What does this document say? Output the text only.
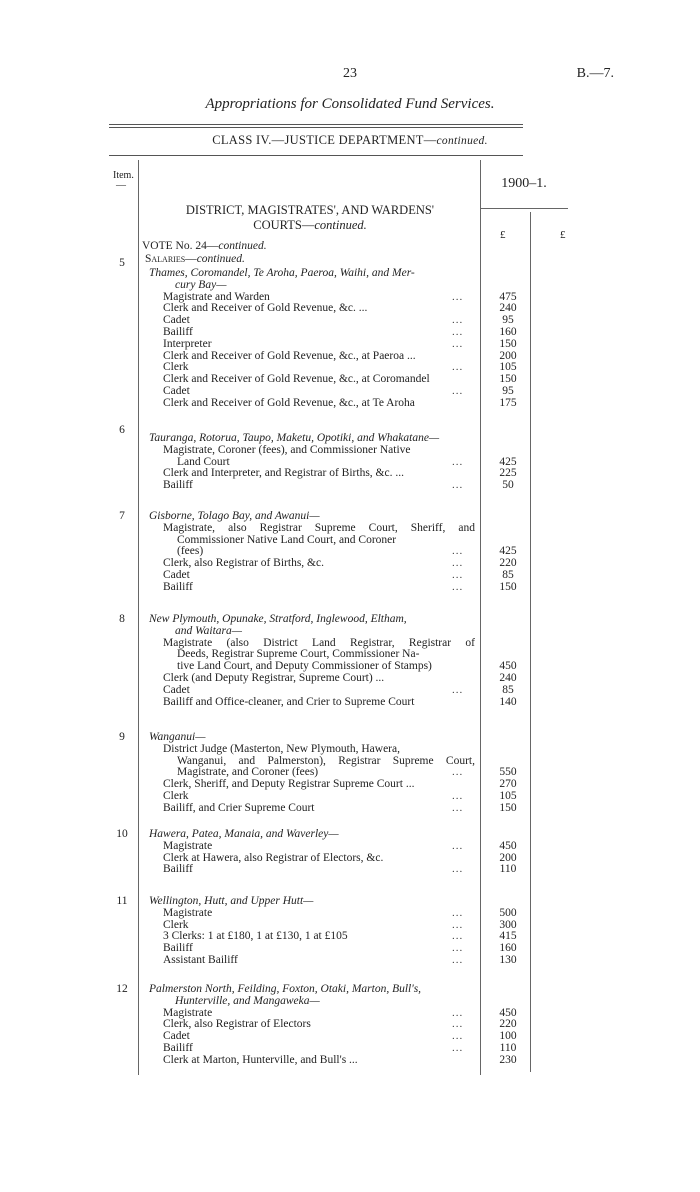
23	B.—7.
Appropriations for Consolidated Fund Services.
CLASS IV.—JUSTICE DEPARTMENT—continued.
Item.
—	1900–1.
£	£
DISTRICT, MAGISTRATES', AND WARDENS'
COURTS—continued.
VOTE No. 24—continued.
Salaries—continued.
5
Thames, Coromandel, Te Aroha, Paeroa, Waihi, and Mer-
cury Bay—
Magistrate and Warden	475
...
Clerk and Receiver of Gold Revenue, &c. ...	240
Cadet	95
...
Bailiff	160
...
Interpreter	150
...
Clerk and Receiver of Gold Revenue, &c., at Paeroa ...	200
Clerk	105
...
Clerk and Receiver of Gold Revenue, &c., at Coromandel	150
Cadet	95
...
Clerk and Receiver of Gold Revenue, &c., at Te Aroha	175
6
Tauranga, Rotorua, Taupo, Maketu, Opotiki, and Whakatane—
Magistrate, Coroner (fees), and Commissioner Native
Land Court	425
...
Clerk and Interpreter, and Registrar of Births, &c. ...	225
Bailiff	50
...
7	Gisborne, Tolago Bay, and Awanui—
Magistrate, also Registrar Supreme Court, Sheriff, and
Commissioner Native Land Court, and Coroner
(fees)	425
...
Clerk, also Registrar of Births, &c.	220
...
Cadet	85
...
Bailiff	150
...
8	New Plymouth, Opunake, Stratford, Inglewood, Eltham,
and Waitara—
Magistrate (also District Land Registrar, Registrar of
Deeds, Registrar Supreme Court, Commissioner Na-
tive Land Court, and Deputy Commissioner of Stamps)	450
Clerk (and Deputy Registrar, Supreme Court) ...	240
Cadet	85
...
Bailiff and Office-cleaner, and Crier to Supreme Court	140
9	Wanganui—
District Judge (Masterton, New Plymouth, Hawera,
Wanganui, and Palmerston), Registrar Supreme Court,
Magistrate, and Coroner (fees)	550
...
Clerk, Sheriff, and Deputy Registrar Supreme Court ...	270
Clerk	105
...
Bailiff, and Crier Supreme Court	150
...
10	Hawera, Patea, Manaia, and Waverley—
Magistrate	450
...
Clerk at Hawera, also Registrar of Electors, &c.	200
Bailiff	110
...
11	Wellington, Hutt, and Upper Hutt—
Magistrate	500
...
Clerk	300
...
3 Clerks: 1 at £180, 1 at £130, 1 at £105	415
...
Bailiff	160
...
Assistant Bailiff	130
...
12	Palmerston North, Feilding, Foxton, Otaki, Marton, Bull's,
Hunterville, and Mangaweka—
Magistrate	450
...
Clerk, also Registrar of Electors	220
...
Cadet	100
...
Bailiff	110
...
Clerk at Marton, Hunterville, and Bull's ...	230
